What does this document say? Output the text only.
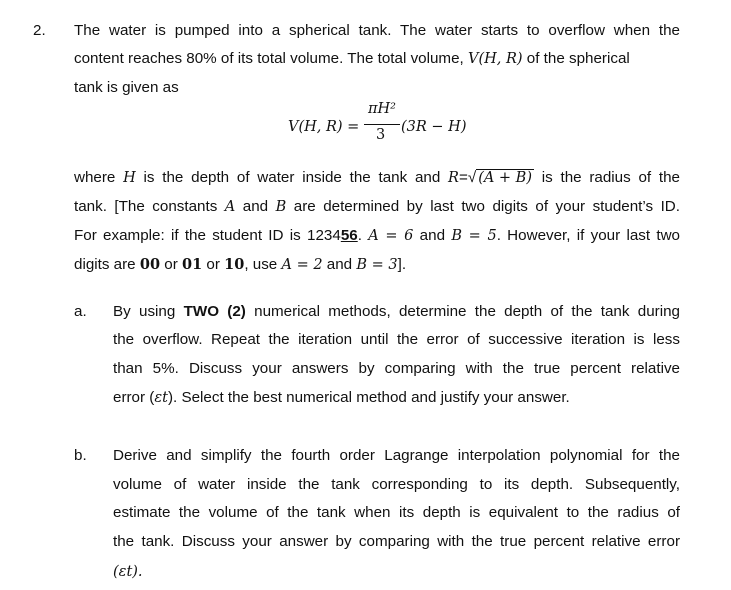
2. The water is pumped into a spherical tank. The water starts to overflow when the
content reaches 80% of its total volume. The total volume, V(H, R) of the spherical
tank is given as
V(H, R) =
πH²
3 (3R − H)
where H is the depth of water inside the tank and R=√ (A + B) is the radius of the
tank. [The constants A and B are determined by last two digits of your student’s ID.
For example: if the student ID is 123456. A = 6 and B = 5. However, if your last two
digits are 00 or 01 or 10, use A = 2 and B = 3].
a. By using TWO (2) numerical methods, determine the depth of the tank during
the overflow. Repeat the iteration until the error of successive iteration is less
than 5%. Discuss your answers by comparing with the true percent relative
error (εt). Select the best numerical method and justify your answer.
b. Derive and simplify the fourth order Lagrange interpolation polynomial for the
volume of water inside the tank corresponding to its depth. Subsequently,
estimate the volume of the tank when its depth is equivalent to the radius of
the tank. Discuss your answer by comparing with the true percent relative error
(εt).
